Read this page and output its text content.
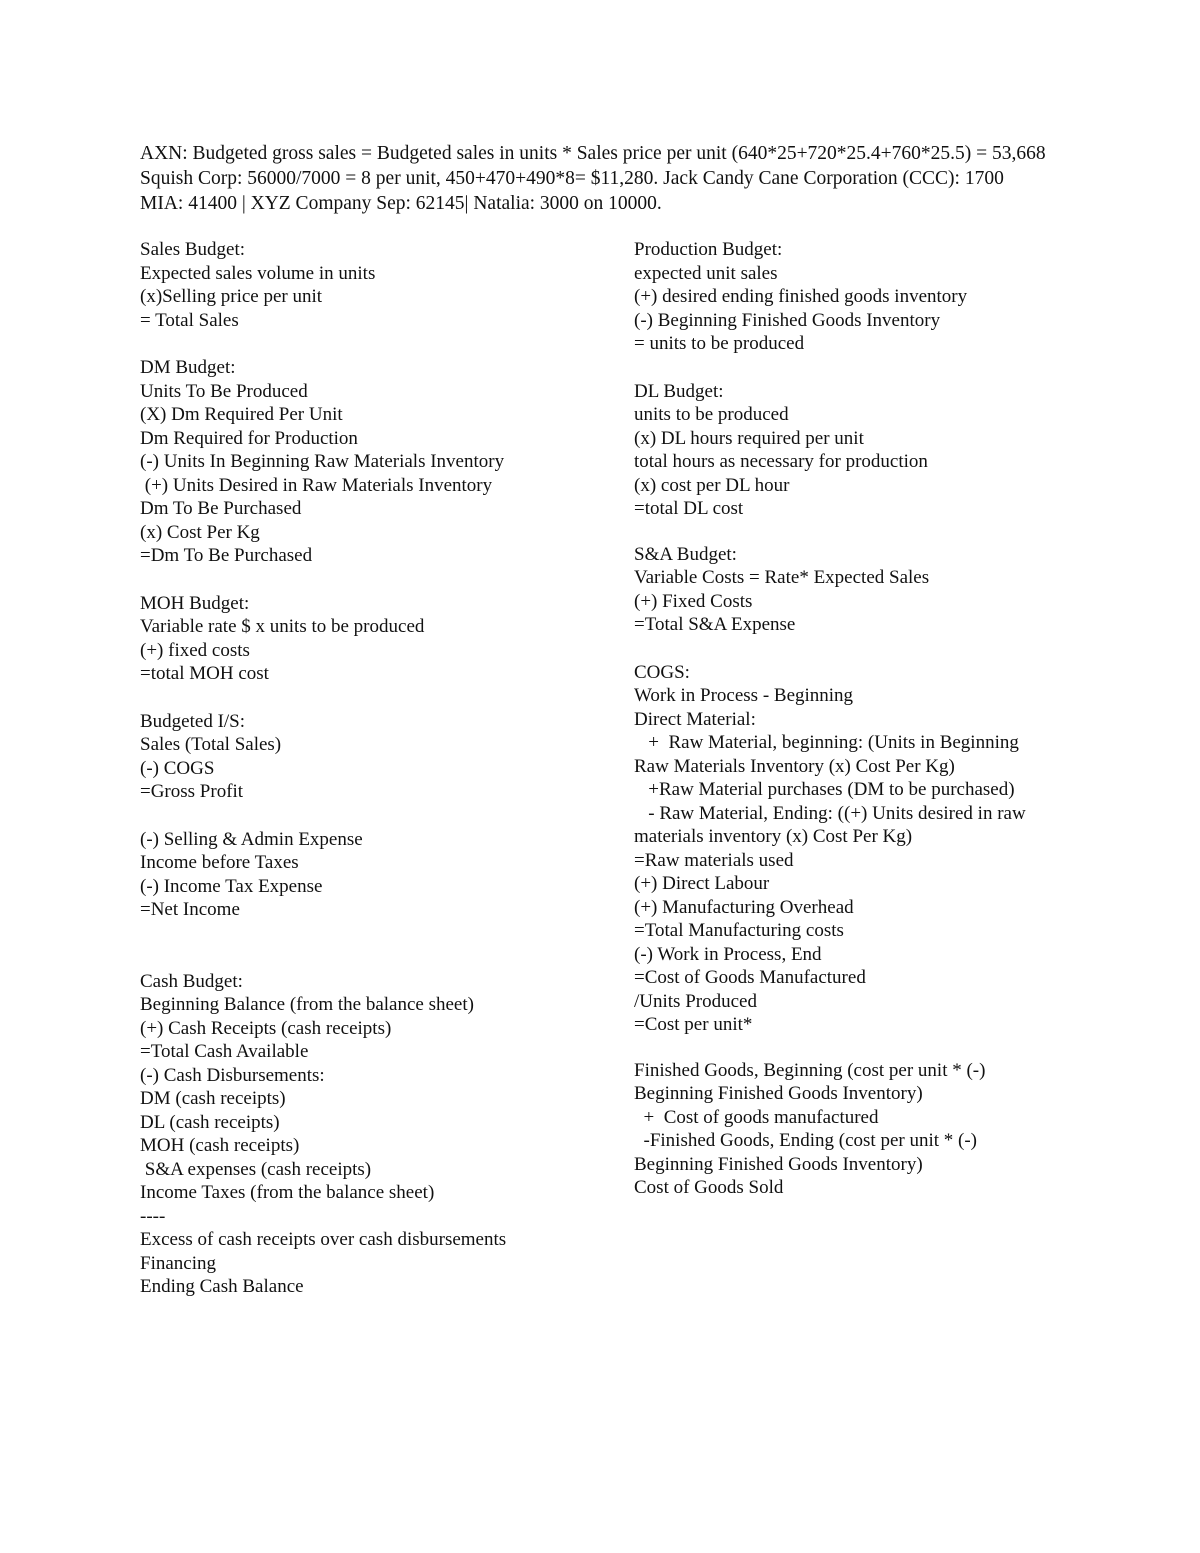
AXN: Budgeted gross sales = Budgeted sales in units * Sales price per unit (640*25+720*25.4+760*25.5) = 53,668
Squish Corp: 56000/7000 = 8 per unit, 450+470+490*8= $11,280. Jack Candy Cane Corporation (CCC): 1700
MIA: 41400 | XYZ Company Sep: 62145| Natalia: 3000 on 10000.
Sales Budget:
Expected sales volume in units
(x)Selling price per unit
= Total Sales
DM Budget:
Units To Be Produced
(X) Dm Required Per Unit
Dm Required for Production
(-) Units In Beginning Raw Materials Inventory
(+) Units Desired in Raw Materials Inventory
Dm To Be Purchased
(x) Cost Per Kg
=Dm To Be Purchased
MOH Budget:
Variable rate $ x units to be produced
(+) fixed costs
=total MOH cost
Budgeted I/S:
Sales (Total Sales)
(-) COGS
=Gross Profit
(-) Selling & Admin Expense
Income before Taxes
(-) Income Tax Expense
=Net Income
Cash Budget:
Beginning Balance (from the balance sheet)
(+) Cash Receipts (cash receipts)
=Total Cash Available
(-) Cash Disbursements:
DM (cash receipts)
DL (cash receipts)
MOH (cash receipts)
S&A expenses (cash receipts)
Income Taxes (from the balance sheet)
----
Excess of cash receipts over cash disbursements
Financing
Ending Cash Balance
Production Budget:
expected unit sales
(+) desired ending finished goods inventory
(-) Beginning Finished Goods Inventory
= units to be produced
DL Budget:
units to be produced
(x) DL hours required per unit
total hours as necessary for production
(x) cost per DL hour
=total DL cost
S&A Budget:
Variable Costs = Rate* Expected Sales
(+) Fixed Costs
=Total S&A Expense
COGS:
Work in Process - Beginning
Direct Material:
+  Raw Material, beginning: (Units in Beginning
Raw Materials Inventory (x) Cost Per Kg)
+Raw Material purchases (DM to be purchased)
- Raw Material, Ending: ((+) Units desired in raw
materials inventory (x) Cost Per Kg)
=Raw materials used
(+) Direct Labour
(+) Manufacturing Overhead
=Total Manufacturing costs
(-) Work in Process, End
=Cost of Goods Manufactured
/Units Produced
=Cost per unit*
Finished Goods, Beginning (cost per unit * (-)
Beginning Finished Goods Inventory)
+  Cost of goods manufactured
-Finished Goods, Ending (cost per unit * (-)
Beginning Finished Goods Inventory)
Cost of Goods Sold
